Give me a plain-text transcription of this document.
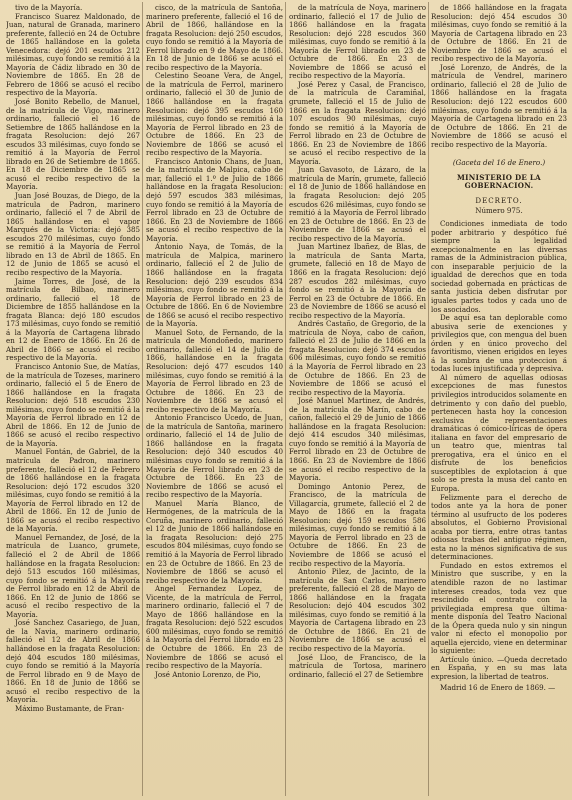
tivo de la Mayoría.

Francisco Suarez Maldonado, de Juan, natural de Granada, marinero preferente, falleció en 24 de Octubre de 1865 hallándose en la goleta Venecedora: dejó 201 escudos 212 milésimas, cuyo fondo se remitió á la Mayoría de Cádiz librado en 30 de Noviembre de 1865. En 28 de Febrero de 1866 se acusó el recibo respectivo de la Mayoría.

José Bonito Rebello, de Manuel, de la matrícula de Vigo, marinero ordinario, falleció el 16 de Setiembre de 1865 hallándose en la fragata Resolucion: dejó 267 escudos 33 milésimas, cuyo fondo se remitió á la Mayoría de Ferrol librado en 26 de Setiembre de 1865. En 18 de Diciembre de 1865 se acusó el recibo respectivo de la Mayoría.

Juan José Bouzas, de Diego, de la matrícula de Padron, marinero ordinario, falleció el 7 de Abril de 1865 hallándose en el vapor Marqués de la Victoria: dejó 385 escudos 270 milésimas, cuyo fondo se remitió á la Mayoría de Ferrol librado en 13 de Abril de 1865. En 12 de Junio de 1865 se acusó el recibo respectivo de la Mayoría.

Jaime Torres, de José, de la matrícula de Bilbao, marinero ordinario, falleció el 18 de Diciembre de 1855 hallándose en la fragata Blanca: dejó 180 escudos 173 milésimas, cuyo fondo se remitió á la Mayoría de Cartagena librado en 12 de Enero de 1866. En 26 de Abril de 1866 se acusó el recibo respectivo de la Mayoría.

Francisco Antonio Sue, de Matías, de la matrícula de Tozeses, marinero ordinario, falleció el 5 de Enero de 1866 hallándose en la fragata Resolucion: dejó 518 escudos 230 milésimas, cuyo fondo se remitió á la Mayoría de Ferrol librado en 12 de Abril de 1866. En 12 de Junio de 1866 se acusó el recibo respectivo de la Mayoría.

Manuel Fontán, de Gabriel, de la matrícula de Padron, marinero preferente, falleció el 12 de Febrero de 1866 hallándose en la fragata Resolucion: dejó 172 escudos 320 milésimas, cuyo fondo se remitió á la Mayoría de Ferrol librado en 12 de Abril de 1866. En 12 de Junio de 1866 se acusó el recibo respectivo de la Mayoría.

Manuel Fernandez, de José, de la matrícula de Luanco, grumete, falleció el 2 de Abril de 1866 hallándose en la fragata Resolucion: dejó 513 escudos 160 milésimas, cuyo fondo se remitió á la Mayoría de Ferrol librado en 12 de Abril de 1866. En 12 de Junio de 1866 se acusó el recibo respectivo de la Mayoría.

José Sanchez Casariego, de Juan, de la Navia, marinero ordinario, falleció el 12 de Abril de 1866 hallándose en la fragata Resolucion: dejó 404 escudos 180 milésimas, cuyo fondo se remitió á la Mayoría de Ferrol librado en 9 de Mayo de 1866. En 18 de Junio de 1866 se acusó el recibo respectivo de la Mayoría.

Máximo Bustamante, de Fran-

cisco, de la matrícula de Santoña, marinero preferente, falleció el 16 de Abril de 1866, hallándose en la fragata Resolucion: dejó 250 escudos, cuyo fondo se remitió á la Mayoría de Ferrol librado en 9 de Mayo de 1866. En 18 de Junio de 1866 se acusó el recibo respectivo de la Mayoría.

Celestino Seoane Vera, de Angel, de la matrícula de Ferrol, marinero ordinario, falleció el 30 de Junio de 1866 hallándose en la fragata Resolucion: dejó 395 escudos 160 milésimas, cuyo fondo se remitió á la Mayoría de Ferrol librado en 23 de Octubre de 1866. En 23 de Noviembre de 1866 se acusó el recibo respectivo de la Mayoría.

Francisco Antonio Chans, de Juan, de la matrícula de Malpica, cabo de mar, falleció el 1.º de Julio de 1866 hallándose en la fragata Resolucion: dejó 597 escudos 383 milésimas, cuyo fondo se remitió á la Mayoría de Ferrol librado en 23 de Octubre de 1866. En 23 de Noviembre de 1866 se acusó el recibo respectivo de la Mayoría.

Antonio Naya, de Tomás, de la matrícula de Malpica, marinero ordinario, falleció el 2 de Julio de 1866 hallándose en la fragata Resolucion: dejó 239 escudos 834 milésimas, cuyo fondo se remitió á la Mayoría de Ferrol librado en 23 de Octubre de 1866. En 6 de Noviembre de 1866 se acusó el recibo respectivo de la Mayoría.

Manuel Soto, de Fernando, de la matrícula de Mondoñedo, marinero ordinario, falleció el 14 de Julio de 1866, hallándose en la fragata Resolucion: dejó 477 escudos 140 milésimas, cuyo fondo se remitió á la Mayoría de Ferrol librado en 23 de Octubre de 1866. En 23 de Noviembre de 1866 se acusó el recibo respectivo de la Mayoría.

Antonio Francisco Ucedo, de Juan, de la matrícula de Santoña, marinero ordinario, falleció el 14 de Julio de 1866 hallándose en la fragata Resolucion: dejó 340 escudos 40 milésimas cuyo fondo se remitió á la Mayoría de Ferrol librado en 23 de Octubre de 1866. En 23 de Noviembre de 1866 se acusó el recibo respectivo de la Mayoría.

Manuel María Blanco, de Hermógenes, de la matrícula de la Coruña, marinero ordinario, falleció el 12 de Junio de 1866 hallándose en la fragata Resolucion: dejó 275 escudos 804 milésimas, cuyo fondo se remitió á la Mayoría de Ferrol librado en 23 de Octubre de 1866. En 23 de Noviembre de 1866 se acusó el recibo respectivo de la Mayoría.

Angel Fernandez Lopez, de Vicente, de la matrícula de Ferrol, marinero ordinario, falleció el 7 de Mayo de 1866 hallándose en la fragata Resolucion: dejó 522 escudos 600 milésimas, cuyo fondo se remitió á la Mayoría del Ferrol librado en 23 de Octubre de 1866. En 23 de Noviembre de 1866 se acusó el recibo respectivo de la Mayoría.

José Antonio Lorenzo, de Pio,

de la matrícula de Noya, marinero ordinario, falleció el 17 de Julio de 1866 hallándose en la fragata Resolucion: dejó 228 escudos 360 milésimas, cuyo fondo se remitió á la Mayoría de Ferrol librado en 23 de Octubre de 1866. En 23 de Noviembre de 1866 se acusó el recibo respectivo de la Mayoría.

José Perez y Casal, de Francisco, de la matrícula de Caramiñal, grumete, falleció el 15 de Julio de 1866 en la fragata Resolucion: dejó 107 escudos 90 milésimas, cuyo fondo se remitió á la Mayoría de Ferrol librado en 23 de Octubre de 1866. En 23 de Noviembre de 1866 se acusó el recibo respectivo de la Mayoría.

Juan Gavasoto, de Lázaro, de la matrícula de Marín, grumete, falleció el 18 de Junio de 1866 hallándose en la fragata Resolucion: dejó 205 escudos 626 milésimas, cuyo fondo se remitió á la Mayoría de Ferrol librado en 23 de Octubre de 1866. En 23 de Noviembre de 1866 se acusó el recibo respectivo de la Mayoría.

Juan Martinez Ibañez, de Blas, de la matrícula de Santa Marta, grumete, falleció en 18 de Mayo de 1866 en la fragata Resolucion: dejó 287 escudos 282 milésimas, cuyo fondo se remitió á la Mayoría de Ferrol en 23 de Octubre de 1866. En 23 de Noviembre de 1866 se acusó el recibo respectivo de la Mayoría.

Andrés Castaño, de Gregorio, de la matrícula de Noya, cabo de cañon, falleció el 23 de Julio de 1866 en la fragata Resolucion: dejó 374 escudos 606 milésimas, cuyo fondo se remitió á la Mayoría de Ferrol librado en 23 de Octubre de 1866. En 23 de Noviembre de 1866 se acusó el recibo respectivo de la Mayoría.

José Manuel Martinez, de Andrés, de la matrícula de Marín, cabo de cañon, falleció el 29 de Junio de 1866 hallándose en la fragata Resolucion: dejó 414 escudos 340 milésimas, cuyo fondo se remitió á la Mayoría de Ferrol librado en 23 de Octubre de 1866. En 23 de Noviembre de 1866 se acusó el recibo respectivo de la Mayoría.

Domingo Antonio Perez, de Francisco, de la matrícula de Villagarcía, grumete, falleció el 2 de Mayo de 1866 en la fragata Resolucion: dejó 159 escudos 586 milésimas, cuyo fondo se remitió á la Mayoría de Ferrol librado en 23 de Octubre de 1866. En 23 de Noviembre de 1866 se acusó el recibo respectivo de la Mayoría.

Antonio Pilez, de Jacinto, de la matrícula de San Carlos, marinero preferente, falleció el 28 de Mayo de 1866 hallándose en la fragata Resolucion: dejó 404 escudos 302 milésimas, cuyo fondo se remitió á la Mayoría de Cartagena librado en 23 de Octubre de 1866. En 21 de Noviembre de 1866 se acusó el recibo respectivo de la Mayoría.

José Lloo, de Francisco, de la matrícula de Tortosa, marinero ordinario, falleció el 27 de Setiembre

de 1866 hallándose en la fragata Resolucion: dejó 454 escudos 30 milésimas, cuyo fondo se remitió á la Mayoría de Cartagena librado en 23 de Octubre de 1866. En 21 de Noviembre de 1866 se acusó el recibo respectivo de la Mayoría.

José Lorenzo, de Andrés, de la matrícula de Vendrel, marinero ordinario, falleció el 28 de Julio de 1866 hallándose en la fragata Resolucion: dejó 122 escudos 600 milésimas, cuyo fondo se remitió á la Mayoría de Cartagena librado en 23 de Octubre de 1866. En 21 de Noviembre de 1866 se acusó el recibo respectivo de la Mayoría.

(Gaceta del 16 de Enero.)

MINISTERIO DE LA GOBERNACION.

DECRETO.

Número 975.

Condiciones inmediata de todo poder arbitrario y despótico fué siempre la legalidad excepcionalmente en las diversas ramas de la Administracion pública, con inseparable perjuicio de la igualdad de derechos que en toda sociedad gobernada en prácticas de santa justicia deben disfrutar por iguales partes todos y cada uno de los asociados.

De aquí esa tan deplorable como abusiva serie de exenciones y privilegios que, con mengua del buen órden y en único provecho del favoritismo, vienen erigidos en leyes á la sombra de una proteccion á todas luces injustificada y depresiva.

Al número de aquellas odiosas excepciones de mas funestos privilegios introducidos solamente en detrimento y con daño del pueblo, pertenecen hasta hoy la concesion exclusiva de representaciones dramáticas ó cómico-líricas de ópera italiana en favor del empresario de un teatro que, mientras tal prerogativa, era el único en el disfrute de los beneficios susceptibles de explotacion á que solo se presta la musa del canto en Europa.

Felizmente para el derecho de todos ante ya la hora de poner término al usufructo de los poderes absolutos, el Gobierno Provisional acaba por tierra, entre otras tantas odiosas trabas del antiguo régimen, esta no la ménos significativa de sus determinaciones.

Fundado en estos extremos el Ministro que suscribe, y en la atendible razon de no lastimar intereses creados, toda vez que rescindido el contrato con la privilegiada empresa que última-mente disponía del Teatro Nacional de la Ópera queda nulo y sin ningun valor ni efecto el monopolio por aquella ejercido, viene en determinar lo siguiente:

Artículo único. —Queda decretado en España, y en su mas lata expresion, la libertad de teatros.

Madrid 16 de Enero de 1869. —
